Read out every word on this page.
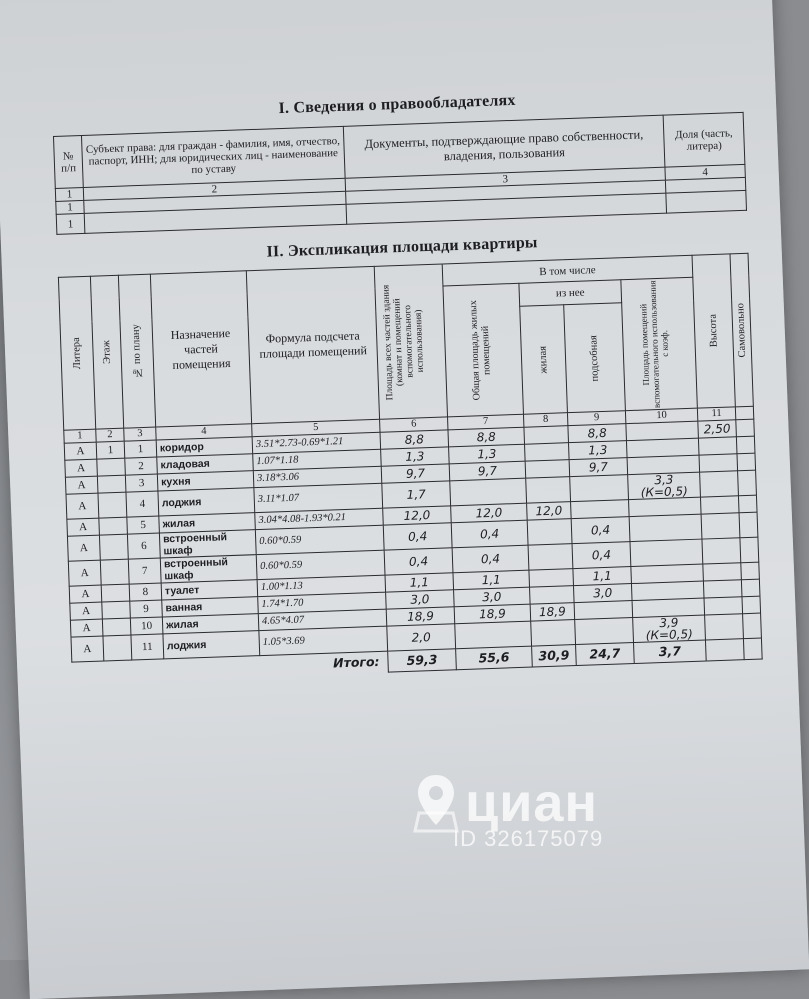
I. Сведения о правообладателях
№ п/п	Субъект права: для граждан - фамилия, имя, отчество, паспорт, ИНН; для юридических лиц - наименование по уставу	Документы, подтверждающие право собственности, владения, пользования	Доля (часть, литера)
1	2	3	4
1			
1			
II. Экспликация площади квартиры
Литера	Этаж	№ по плану	Назначение частей помещения	Формула подсчета площади помещений	Площадь всех частей здания (комнат и помещений вспомогательного использования)	В том числе				Высота	Самовольно

						Общая площадь жилых помещений	из нее		Площадь помещений вспомогательного использования с коэф.		

							жилая	подсобная			

1	2	3	4	5	6	7	8	9	10	11	
А	1	1	коридор	3.51*2.73-0.69*1.21	8,8	8,8		8,8		2,50	
А		2	кладовая	1.07*1.18	1,3	1,3		1,3			
А		3	кухня	3.18*3.06	9,7	9,7		9,7			
А		4	лоджия	3.11*1.07	1,7				3,3 (К=0,5)		
А		5	жилая	3.04*4.08-1.93*0.21	12,0	12,0	12,0				
А		6	встроенный шкаф	0.60*0.59	0,4	0,4		0,4			
А		7	встроенный шкаф	0.60*0.59	0,4	0,4		0,4			
А		8	туалет	1.00*1.13	1,1	1,1		1,1			
А		9	ванная	1.74*1.70	3,0	3,0		3,0			
А		10	жилая	4.65*4.07	18,9	18,9	18,9				
А		11	лоджия	1.05*3.69	2,0				3,9 (К=0,5)		
Итого:					59,3	55,6	30,9	24,7	3,7		
циан
ID 326175079
